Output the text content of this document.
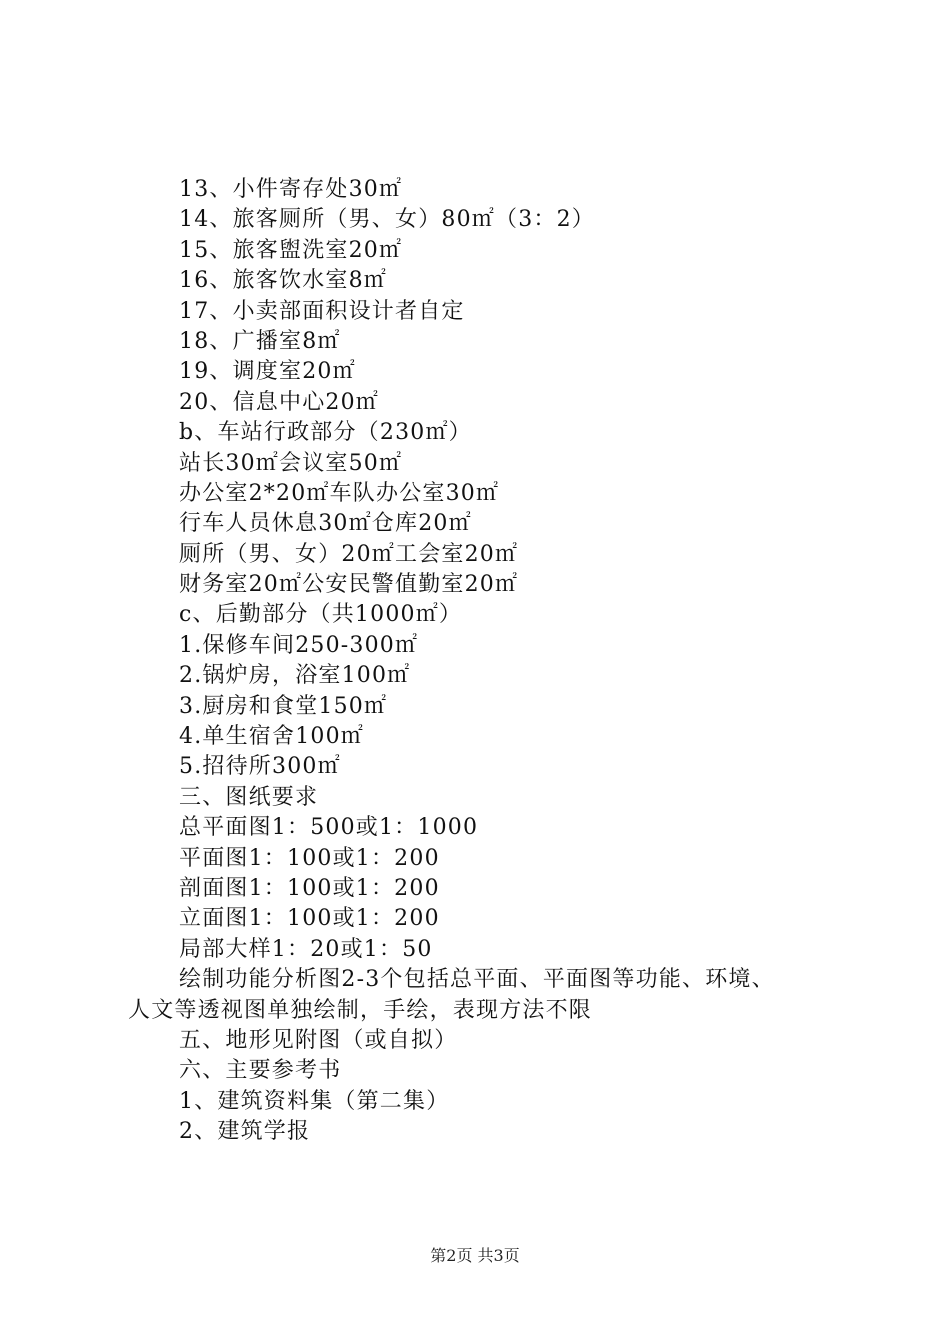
13、小件寄存处30㎡
14、旅客厕所（男、女）80㎡（3：2）
15、旅客盥洗室20㎡
16、旅客饮水室8㎡
17、小卖部面积设计者自定
18、广播室8㎡
19、调度室20㎡
20、信息中心20㎡
b、车站行政部分（230㎡）
站长30㎡会议室50㎡
办公室2*20㎡车队办公室30㎡
行车人员休息30㎡仓库20㎡
厕所（男、女）20㎡工会室20㎡
财务室20㎡公安民警值勤室20㎡
c、后勤部分（共1000㎡）
1.保修车间250-300㎡
2.锅炉房，浴室100㎡
3.厨房和食堂150㎡
4.单生宿舍100㎡
5.招待所300㎡
三、图纸要求
总平面图1：500或1：1000
平面图1：100或1：200
剖面图1：100或1：200
立面图1：100或1：200
局部大样1：20或1：50
绘制功能分析图2-3个包括总平面、平面图等功能、环境、
人文等透视图单独绘制，手绘，表现方法不限
五、地形见附图（或自拟）
六、主要参考书
1、建筑资料集（第二集）
2、建筑学报
第2页 共3页
